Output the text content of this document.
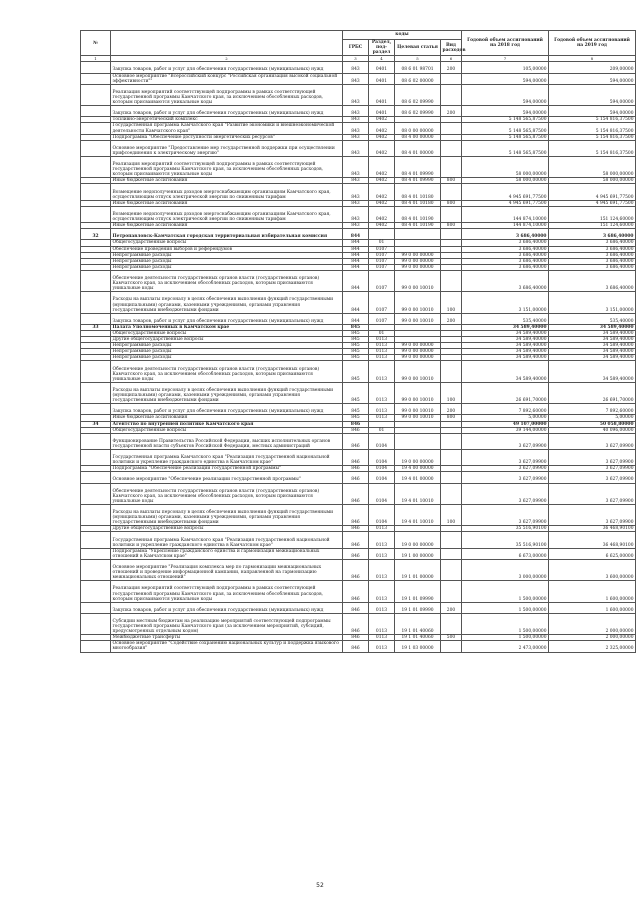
№		коды				Годовой объем ассигнований на 2018 год	Годовой объем ассигнований на 2019 год
		ГРБС	Раздел, под-раздел	Целевая статья	Вид расходов		
1	2	3	4	5	6	7	8
	Закупка товаров, работ и услуг для обеспечения государственных (муниципальных) нужд	843	0401	08 6 01 98701	200	105,00000	209,00000
	Основное мероприятие "Всероссийский конкурс "Российская организация высокой социальной эффективности""	843	0401	08 6 02 00000		594,00000	594,00000
	Реализация мероприятий соответствующей подпрограммы в рамках соответствующей государственной программы Камчатского края, за исключением обособленных расходов, которым присваиваются уникальные коды	843	0401	08 6 02 09990		594,00000	594,00000
	Закупка товаров, работ и услуг для обеспечения государственных (муниципальных) нужд	843	0401	08 6 02 09990	200	594,00000	594,00000
	Топливно-энергетический комплекс	843	0402			5 148 565,87500	5 154 816,37500
	Государственная программа Камчатского края "Развитие экономики и внешнеэкономической деятельности Камчатского края"	843	0402	08 0 00 00000		5 148 565,87500	5 154 816,37500
	Подпрограмма "Обеспечение доступности энергетических ресурсов"	843	0402	08 4 00 00000		5 148 565,87500	5 154 816,37500
	Основное мероприятие "Предоставление мер государственной поддержки при осуществлении прифсоединения к электрическому энергию"	843	0402	08 4 01 00000		5 148 565,87500	5 154 816,37500
	Реализация мероприятий соответствующей подпрограммы в рамках соответствующей государственной программы Камчатского края, за исключением обособленных расходов, которым присваиваются уникальные коды	843	0402	08 4 01 09990		58 000,00000	58 000,00000
	Иные бюджетные ассигнования	843	0402	08 4 01 09990	800	58 000,00000	58 000,00000
	Возмещение недополученных доходов энергоснабжающим организациям Камчатского края, осуществляющим отпуск электрической энергии по сниженным тарифам	843	0402	08 4 01 10180		4 945 691,77500	4 945 691,77500
	Иные бюджетные ассигнования	843	0402	08 4 01 10180	800	4 945 691,77500	4 945 691,77500
	Возмещение недополученных доходов энергоснабжающим организациям Камчатского края, осуществляющим отпуск электрической энергии по сниженным тарифам	843	0402	08 4 01 10190		144 874,10000	151 124,60000
	Иные бюджетные ассигнования	843	0402	08 4 01 10190	800	144 874,10000	151 124,60000
32	Петропавловск-Камчатская городская территориальная избирательная комиссия	844				3 686,40000	3 686,40000
	Общегосударственные вопросы	844	01			3 686,40000	3 686,40000
	Обеспечение проведения выборов и референдумов	844	0107			3 686,40000	3 686,40000
	Непрограммные расходы	844	0107	99 0 00 00000		3 686,40000	3 686,40000
	Непрограммные расходы	844	0107	99 0 00 00000		3 686,40000	3 686,40000
	Непрограммные расходы	844	0107	99 0 00 00000		3 686,40000	3 686,40000
	Обеспечение деятельности государственных органов власти (государственных органов) Камчатского края, за исключением обособленных расходов, которым присваиваются уникальные коды	844	0107	99 0 00 10010		3 686,40000	3 686,40000
	Расходы на выплаты персоналу в целях обеспечения выполнения функций государственными (муниципальными) органами, казенными учреждениями, органами управления государственными внебюджетными фондами	844	0107	99 0 00 10010	100	3 151,00000	3 151,00000
	Закупка товаров, работ и услуг для обеспечения государственных (муниципальных) нужд	844	0107	99 0 00 10010	200	535,40000	535,40000
33	Палата Уполномоченных в Камчатском крае	845				34 589,40000	34 589,40000
	Общегосударственные вопросы	845	01			34 589,40000	34 589,40000
	Другие общегосударственные вопросы	845	0113			34 589,40000	34 589,40000
	Непрограммные расходы	845	0113	99 0 00 00000		34 589,40000	34 589,40000
	Непрограммные расходы	845	0113	99 0 00 00000		34 589,40000	34 589,40000
	Непрограммные расходы	845	0113	99 0 00 00000		34 589,40000	34 589,40000
	Обеспечение деятельности государственных органов власти (государственных органов) Камчатского края, за исключением обособленных расходов, которым присваиваются уникальные коды	845	0113	99 0 00 10010		34 589,40000	34 589,40000
	Расходы на выплаты персоналу в целях обеспечения выполнения функций государственными (муниципальными) органами, казенными учреждениями, органами управления государственными внебюджетными фондами	845	0113	99 0 00 10010	100	26 691,70000	26 691,70000
	Закупка товаров, работ и услуг для обеспечения государственных (муниципальных) нужд	845	0113	99 0 00 10010	200	7 892,60000	7 892,60000
	Иные бюджетные ассигнования	845	0113	99 0 00 10010	800	5,00000	5,00000
34	Агентство по внутренней политике Камчатского края	846				49 107,00000	50 058,80000
	Общегосударственные вопросы	846	01			39 144,00000	40 096,00000
	Функционирование Правительства Российской Федерации, высших исполнительных органов государственной власти субъектов Российской Федерации, местных администраций	846	0104			3 627,09900	3 627,09900
	Государственная программа Камчатского края "Реализация государственной национальной политики и укрепление гражданского единства в Камчатском крае"	846	0104	19 0 00 00000		3 627,09900	3 627,09900
	Подпрограмма "Обеспечение реализации государственной программы"	846	0104	19 4 00 00000		3 627,09900	3 627,09900
	Основное мероприятие "Обеспечение реализации государственной программы"	846	0104	19 4 01 00000		3 627,09900	3 627,09900
	Обеспечение деятельности государственных органов власти (государственных органов) Камчатского края, за исключением обособленных расходов, которым присваиваются уникальные коды	846	0104	19 4 01 10010		3 627,09900	3 627,09900
	Расходы на выплаты персоналу в целях обеспечения выполнения функций государственными (муниципальными) органами, казенными учреждениями, органами управления государственными внебюджетными фондами	846	0104	19 4 01 10010	100	3 627,09900	3 627,09900
	Другие общегосударственные вопросы	846	0113			35 516,90100	36 468,90100
	Государственная программа Камчатского края "Реализация государственной национальной политики и укрепление гражданского единства в Камчатском крае"	846	0113	19 0 00 00000		35 516,90100	36 468,90100
	Подпрограмма "Укрепление гражданского единства и гармонизация межнациональных отношений в Камчатском крае"	846	0113	19 1 00 00000		6 673,00000	6 625,00000
	Основное мероприятие "Реализация комплекса мер по гармонизации межнациональных отношений и проведение информационной кампании, направленной на гармонизацию межнациональных отношений"	846	0113	19 1 01 00000		3 000,00000	3 600,00000
	Реализация мероприятий соответствующей подпрограммы в рамках соответствующей государственной программы Камчатского края, за исключением обособленных расходов, которым присваиваются уникальные коды	846	0113	19 1 01 09990		1 500,00000	1 600,00000
	Закупка товаров, работ и услуг для обеспечения государственных (муниципальных) нужд	846	0113	19 1 01 09990	200	1 500,00000	1 600,00000
	Субсидии местным бюджетам на реализацию мероприятий соответствующей подпрограммы государственной программы Камчатского края (за исключением мероприятий, субсидий, предусмотренных отдельным кодом)	846	0113	19 1 01 40060		1 500,00000	2 000,00000
	Межбюджетные трансферты	846	0113	19 1 01 40060	500	1 500,00000	2 000,00000
	Основное мероприятие "Содействие сохранению национальных культур и поддержка языкового многообразия"	846	0113	19 1 03 00000		2 473,00000	2 325,00000
52
